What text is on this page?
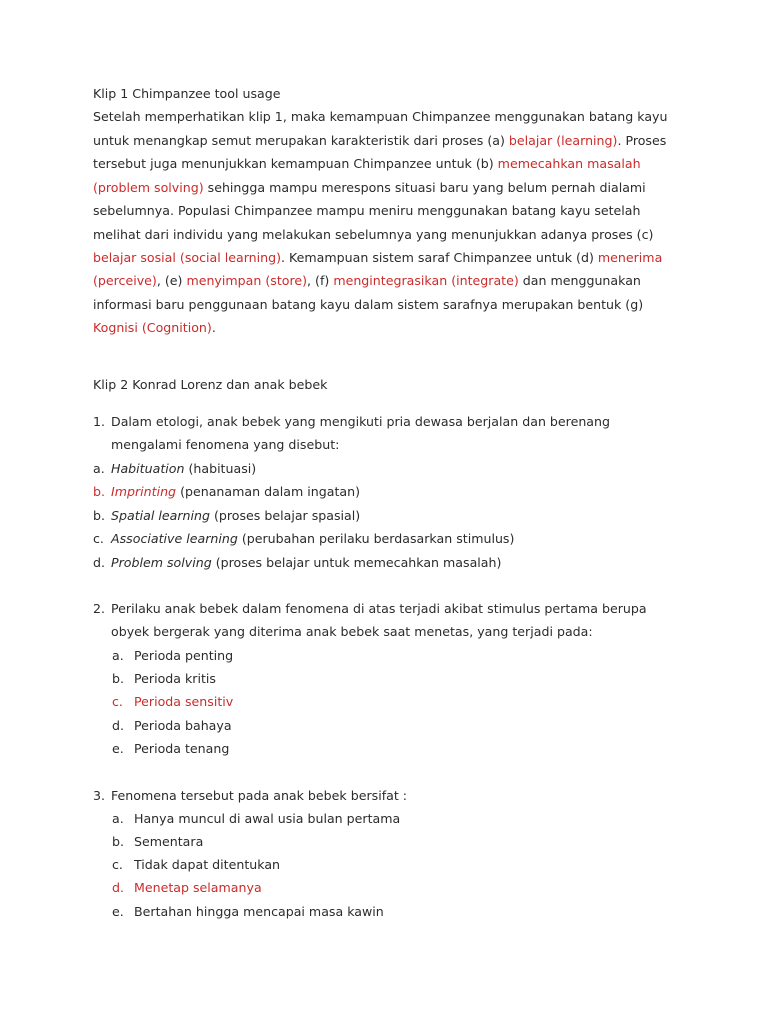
Klip 1 Chimpanzee tool usage
Setelah memperhatikan klip 1, maka kemampuan Chimpanzee menggunakan batang kayu
untuk menangkap semut merupakan karakteristik dari proses (a) belajar (learning). Proses
tersebut juga menunjukkan kemampuan Chimpanzee untuk (b) memecahkan masalah
(problem solving) sehingga mampu merespons situasi baru yang belum pernah dialami
sebelumnya. Populasi Chimpanzee mampu meniru menggunakan batang kayu setelah
melihat dari individu yang melakukan sebelumnya yang menunjukkan adanya proses (c)
belajar sosial (social learning). Kemampuan sistem saraf Chimpanzee untuk (d) menerima
(perceive), (e) menyimpan (store), (f) mengintegrasikan (integrate) dan menggunakan
informasi baru penggunaan batang kayu dalam sistem sarafnya merupakan bentuk (g)
Kognisi (Cognition).
Klip 2 Konrad Lorenz dan anak bebek
1. Dalam etologi, anak bebek yang mengikuti pria dewasa berjalan dan berenang
mengalami fenomena yang disebut:
a. Habituation (habituasi)
b. Imprinting (penanaman dalam ingatan)
b. Spatial learning (proses belajar spasial)
c. Associative learning (perubahan perilaku berdasarkan stimulus)
d. Problem solving (proses belajar untuk memecahkan masalah)
2. Perilaku anak bebek dalam fenomena di atas terjadi akibat stimulus pertama berupa
obyek bergerak yang diterima anak bebek saat menetas, yang terjadi pada:
a. Perioda penting
b. Perioda kritis
c. Perioda sensitiv
d. Perioda bahaya
e. Perioda tenang
3. Fenomena tersebut pada anak bebek bersifat :
a. Hanya muncul di awal usia bulan pertama
b. Sementara
c. Tidak dapat ditentukan
d. Menetap selamanya
e. Bertahan hingga mencapai masa kawin
